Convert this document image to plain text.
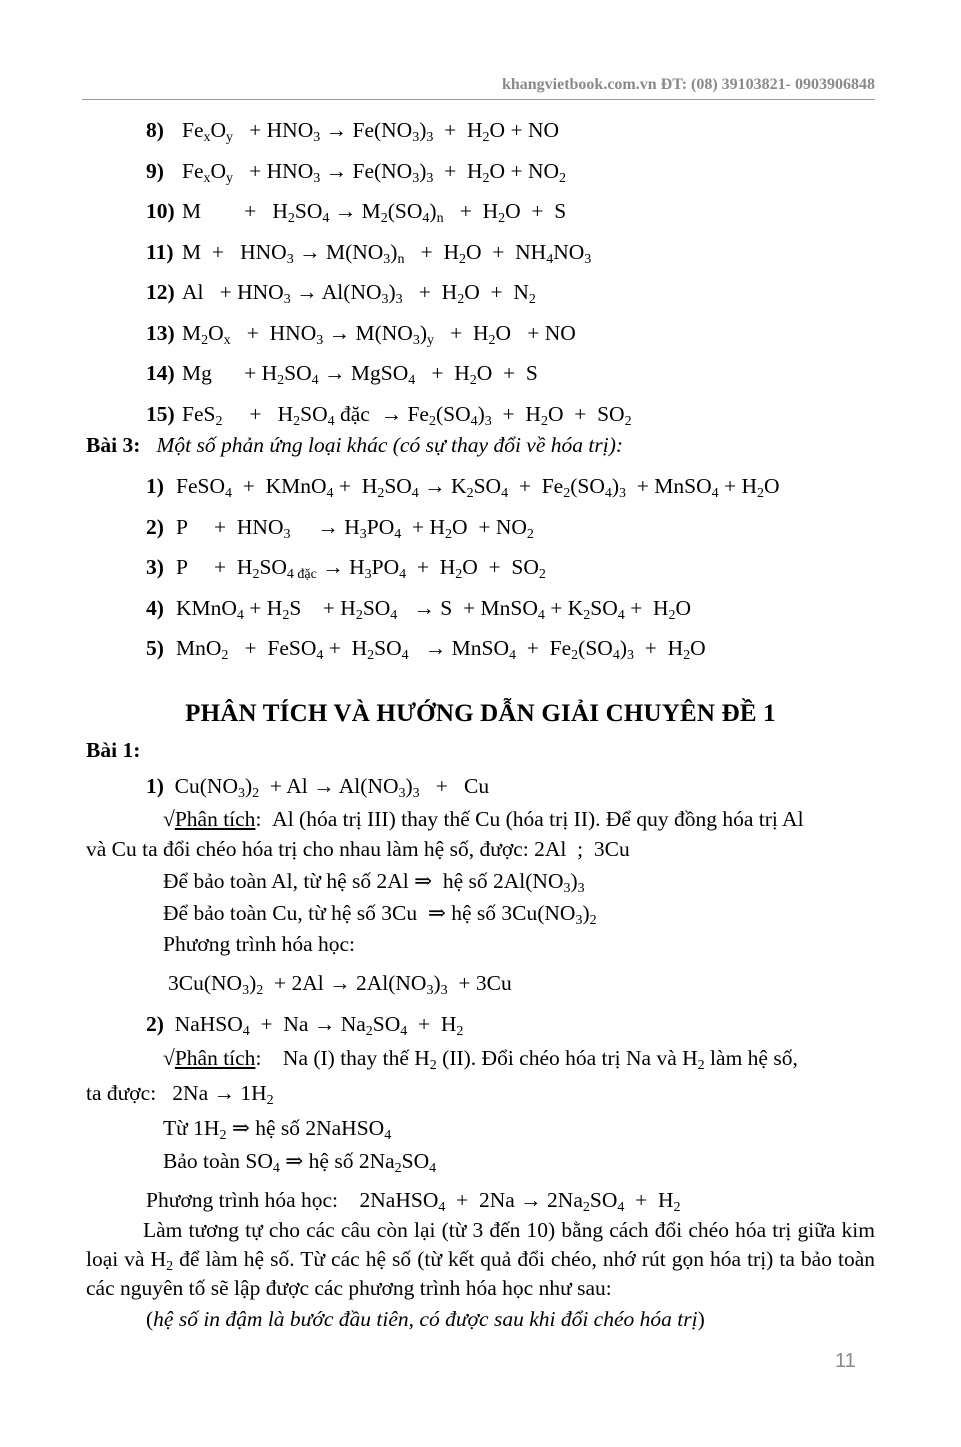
khangvietbook.com.vn ĐT: (08) 39103821- 0903906848
8) $Fe_xO_y + HNO_3 \to Fe(NO_3)_3 + H_2O$ + NO
9) $Fe_xO_y + HNO_3 \to Fe(NO_3)_3 + H_2O + NO_2$
10) M        +   $H_2SO_4 \to M_2(SO_4)_n + H_2O + S$
11) $M + HNO_3 \to M(NO_3)_n + H_2O + NH_4NO_3$
12) $Al + HNO_3 \to Al(NO_3)_3 + H_2O + N_2$
13) $M_2O_x + HNO_3 \to M(NO_3)_y + H_2O$   + NO
14) Mg      + $H_2SO_4$ → MgSO$_4$   +  $H_2O + S$
15) FeS$_2$     +   $H_2SO_4$ đặc  → $Fe_2(SO_4)_3 + H_2O + SO_2$
Bài 3: Một số phản ứng loại khác (có sự thay đổi về hóa trị):
1) FeSO$_4$  +  KMnO$_4$ +  $H_2SO_4 \to K_2SO_4 + Fe_2(SO_4)_3$  + MnSO$_4$ + $H_2O$
2) P     +  $HNO_3$     → $H_3PO_4 + H_2O + NO_2$
3) P     +  $H_2SO_{4 đặc} \to H_3PO_4 + H_2O + SO_2$
4) KMnO$_4$ + $H_2S$    + $H_2SO_4 \to S$  + MnSO$_4$ + $K_2SO_4 + H_2O$
5) MnO$_2$   +  FeSO$_4$ +  $H_2SO_4$   → MnSO$_4$  +  $Fe_2(SO_4)_3 + H_2O$
PHÂN TÍCH VÀ HƯỚNG DẪN GIẢI CHUYÊN ĐỀ 1
Bài 1:
1) $Cu(NO_3)_2 + Al \to Al(NO_3)_3 + Cu$
√Phân tích:  Al (hóa trị III) thay thế Cu (hóa trị II). Để quy đồng hóa trị Al
và Cu ta đổi chéo hóa trị cho nhau làm hệ số, được: 2Al  ;  3Cu
Để bảo toàn Al, từ hệ số 2Al ⇒  hệ số $2Al(NO_3)_3$
Để bảo toàn Cu, từ hệ số 3Cu  ⇒ hệ số $3Cu(NO_3)_2$
Phương trình hóa học:
$3Cu(NO_3)_2 + 2Al \to 2Al(NO_3)_3 + 3Cu$
2) NaHSO$_4$  +  $Na \to Na_2SO_4 + H_2$
√Phân tích:    Na (I) thay thế $H_2$ (II). Đổi chéo hóa trị Na và $H_2$ làm hệ số,
ta được:   $2Na \to 1H_2$
Từ $1H_2$ ⇒ hệ số 2NaHSO$_4$
Bảo toàn $SO_4$ ⇒ hệ số $2Na_2SO_4$
Phương trình hóa học:    2NaHSO$_4$  +  $2Na \to 2Na_2SO_4 + H_2$
Làm tương tự cho các câu còn lại (từ 3 đến 10) bằng cách đổi chéo hóa trị giữa kim loại và $H_2$ để làm hệ số. Từ các hệ số (từ kết quả đổi chéo, nhớ rút gọn hóa trị) ta bảo toàn các nguyên tố sẽ lập được các phương trình hóa học như sau:
(hệ số in đậm là bước đầu tiên, có được sau khi đổi chéo hóa trị)
11
